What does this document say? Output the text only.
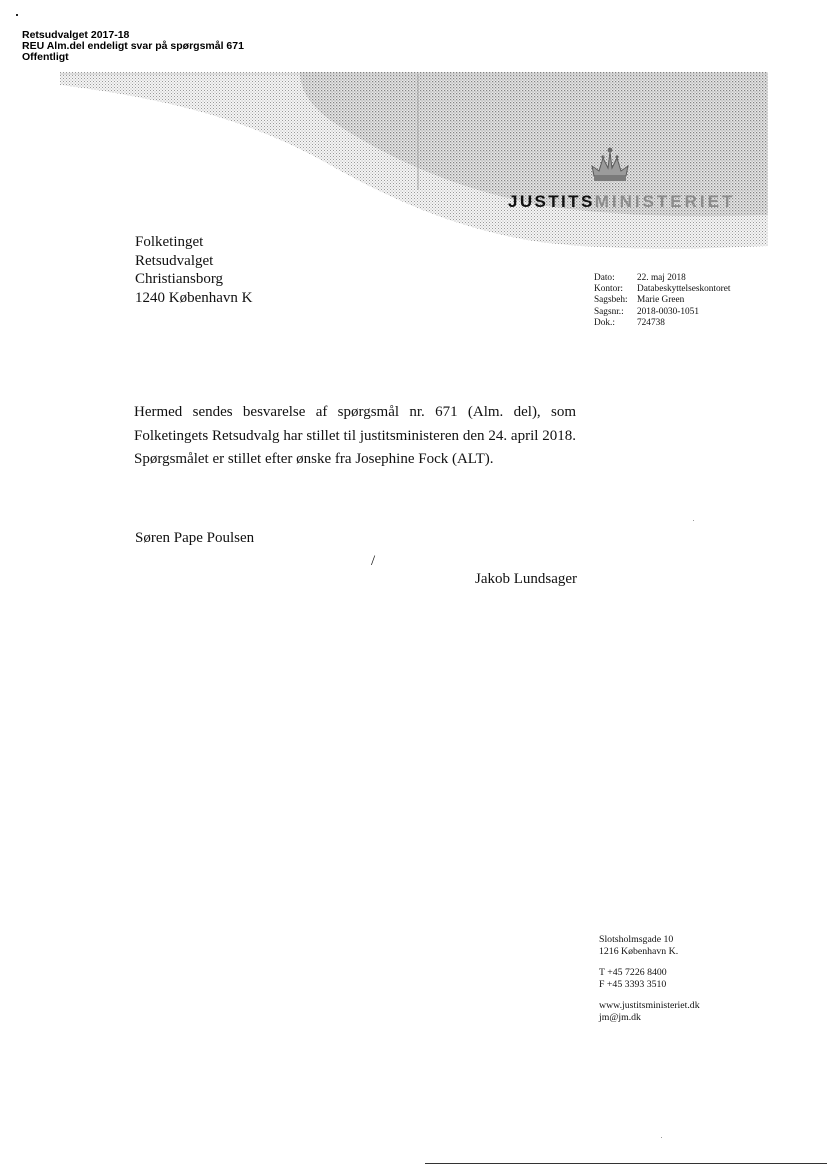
Retsudvalget 2017-18
REU Alm.del endeligt svar på spørgsmål 671
Offentligt
JUSTITSMINISTERIET
Folketinget
Retsudvalget
Christiansborg
1240 København K
Dato:	22. maj 2018
Kontor:	Databeskyttelseskontoret
Sagsbeh:	Marie Green
Sagsnr.:	2018-0030-1051
Dok.:	724738
Hermed sendes besvarelse af spørgsmål nr. 671 (Alm. del), som Folketingets Retsudvalg har stillet til justitsministeren den 24. april 2018. Spørgsmålet er stillet efter ønske fra Josephine Fock (ALT).
Søren Pape Poulsen
/
Jakob Lundsager
Slotsholmsgade 10
1216 København K.
T +45 7226 8400
F +45 3393 3510
www.justitsministeriet.dk
jm@jm.dk
